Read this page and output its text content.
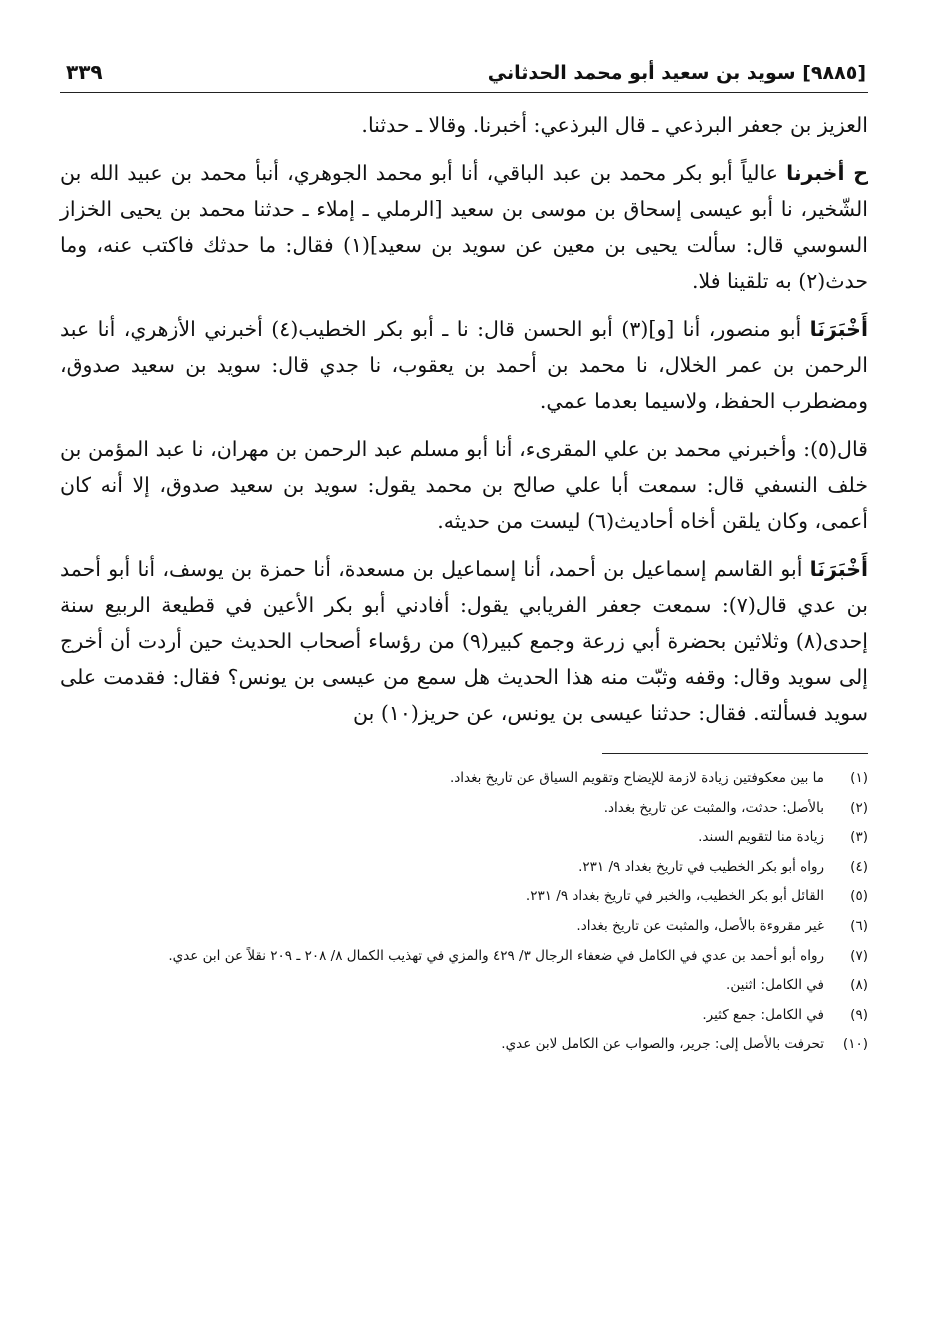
[٩٨٨٥] سويد بن سعيد أبو محمد الحدثاني
٣٣٩

العزيز بن جعفر البرذعي ـ قال البرذعي: أخبرنا. وقالا ـ حدثنا.

ح أخبرنا عالياً أبو بكر محمد بن عبد الباقي، أنا أبو محمد الجوهري، أنبأ محمد بن عبيد الله بن الشّخير، نا أبو عيسى إسحاق بن موسى بن سعيد [الرملي ـ إملاء ـ حدثنا محمد بن يحيى الخزاز السوسي قال: سألت يحيى بن معين عن سويد بن سعيد](١) فقال: ما حدثك فاكتب عنه، وما حدث(٢) به تلقينا فلا.

أَخْبَرَنَا أبو منصور، أنا [و](٣) أبو الحسن قال: نا ـ أبو بكر الخطيب(٤) أخبرني الأزهري، أنا عبد الرحمن بن عمر الخلال، نا محمد بن أحمد بن يعقوب، نا جدي قال: سويد بن سعيد صدوق، ومضطرب الحفظ، ولاسيما بعدما عمي.

قال(٥): وأخبرني محمد بن علي المقرىء، أنا أبو مسلم عبد الرحمن بن مهران، نا عبد المؤمن بن خلف النسفي قال: سمعت أبا علي صالح بن محمد يقول: سويد بن سعيد صدوق، إلا أنه كان أعمى، وكان يلقن أخاه أحاديث(٦) ليست من حديثه.

أَخْبَرَنَا أبو القاسم إسماعيل بن أحمد، أنا إسماعيل بن مسعدة، أنا حمزة بن يوسف، أنا أبو أحمد بن عدي قال(٧): سمعت جعفر الفريابي يقول: أفادني أبو بكر الأعين في قطيعة الربيع سنة إحدى(٨) وثلاثين بحضرة أبي زرعة وجمع كبير(٩) من رؤساء أصحاب الحديث حين أردت أن أخرج إلى سويد وقال: وقفه وثبّت منه هذا الحديث هل سمع من عيسى بن يونس؟ فقال: فقدمت على سويد فسألته. فقال: حدثنا عيسى بن يونس، عن حريز(١٠) بن

(١)
ما بين معكوفتين زيادة لازمة للإيضاح وتقويم السياق عن تاريخ بغداد.
(٢)
بالأصل: حدثت، والمثبت عن تاريخ بغداد.
(٣)
زيادة منا لتقويم السند.
(٤)
رواه أبو بكر الخطيب في تاريخ بغداد ٩/ ٢٣١.
(٥)
القائل أبو بكر الخطيب، والخبر في تاريخ بغداد ٩/ ٢٣١.
(٦)
غير مقروءة بالأصل، والمثبت عن تاريخ بغداد.
(٧)
رواه أبو أحمد بن عدي في الكامل في ضعفاء الرجال ٣/ ٤٢٩ والمزي في تهذيب الكمال ٨/ ٢٠٨ ـ ٢٠٩ نقلاً عن ابن عدي.
(٨)
في الكامل: اثنين.
(٩)
في الكامل: جمع كثير.
(١٠)
تحرفت بالأصل إلى: جرير، والصواب عن الكامل لابن عدي.
